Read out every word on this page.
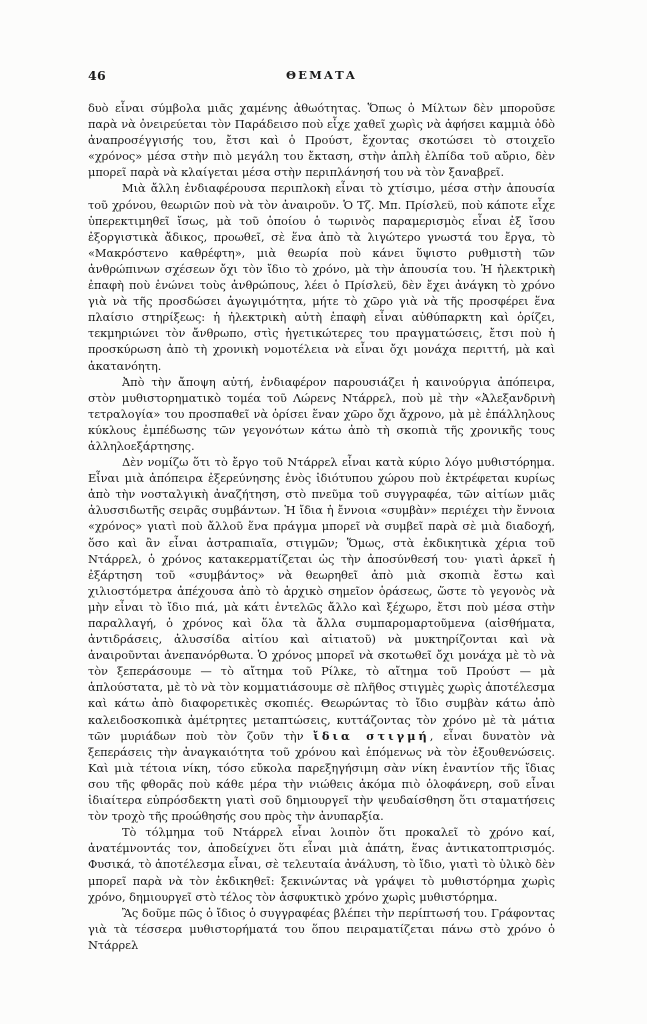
46	ΘΕΜΑΤΑ

δυὸ εἶναι σύμβολα μιᾶς χαμένης ἀθωότητας. Ὅπως ὁ Μίλτων δὲν μποροῦσε παρὰ νὰ ὀνειρεύεται τὸν Παράδεισο ποὺ εἶχε χαθεῖ χωρὶς νὰ ἀφήσει καμμιὰ ὁδὸ ἀναπροσέγγισής του, ἔτσι καὶ ὁ Προύστ, ἔχοντας σκοτώσει τὸ στοιχεῖο «χρόνος» μέσα στὴν πιὸ μεγάλη του ἔκταση, στὴν ἁπλὴ ἐλπίδα τοῦ αὔριο, δὲν μπορεῖ παρὰ νὰ κλαίγεται μέσα στὴν περιπλάνησή του νὰ τὸν ξαναβρεῖ.

Μιὰ ἄλλη ἐνδιαφέρουσα περιπλοκὴ εἶναι τὸ χτίσιμο, μέσα στὴν ἀπουσία τοῦ χρόνου, θεωριῶν ποὺ νὰ τὸν ἀναιροῦν. Ὁ Τζ. Μπ. Πρίσλεϋ, ποὺ κάποτε εἶχε ὑπερεκτιμηθεῖ ἴσως, μὰ τοῦ ὁποίου ὁ τωρινὸς παραμερισμὸς εἶναι ἐξ ἴσου ἐξοργιστικὰ ἄδικος, προωθεῖ, σὲ ἕνα ἀπὸ τὰ λιγώτερο γνωστά του ἔργα, τὸ «Μακρόστενο καθρέφτη», μιὰ θεωρία ποὺ κάνει ὕψιστο ρυθμιστὴ τῶν ἀνθρώπινων σχέσεων ὄχι τὸν ἴδιο τὸ χρόνο, μὰ τὴν ἀπουσία του. Ἡ ἠλεκτρικὴ ἐπαφὴ ποὺ ἑνώνει τοὺς ἀνθρώπους, λέει ὁ Πρίσλεϋ, δὲν ἔχει ἀνάγκη τὸ χρόνο γιὰ νὰ τῆς προσδώσει ἀγωγιμότητα, μήτε τὸ χῶρο γιὰ νὰ τῆς προσφέρει ἕνα πλαίσιο στηρίξεως: ἡ ἠλεκτρικὴ αὐτὴ ἐπαφὴ εἶναι αὐθύπαρκτη καὶ ὁρίζει, τεκμηριώνει τὸν ἄνθρωπο, στὶς ἡγετικώτερες του πραγματώσεις, ἔτσι ποὺ ἡ προσκύρωση ἀπὸ τὴ χρονικὴ νομοτέλεια νὰ εἶναι ὄχι μονάχα περιττή, μὰ καὶ ἀκατανόητη.

Ἀπὸ τὴν ἄποψη αὐτή, ἐνδιαφέρον παρουσιάζει ἡ καινούργια ἀπόπειρα, στὸν μυθιστορηματικὸ τομέα τοῦ Λώρενς Ντάρρελ, ποὺ μὲ τὴν «Ἀλεξανδρινὴ τετραλογία» του προσπαθεῖ νὰ ὁρίσει ἕναν χῶρο ὄχι ἄχρονο, μὰ μὲ ἐπάλληλους κύκλους ἐμπέδωσης τῶν γεγονότων κάτω ἀπὸ τὴ σκοπιὰ τῆς χρονικῆς τους ἀλληλοεξάρτησης.

Δὲν νομίζω ὅτι τὸ ἔργο τοῦ Ντάρρελ εἶναι κατὰ κύριο λόγο μυθιστόρημα. Εἶναι μιὰ ἀπόπειρα ἐξερεύνησης ἑνὸς ἰδιότυπου χώρου ποὺ ἐκτρέφεται κυρίως ἀπὸ τὴν νοσταλγικὴ ἀναζήτηση, στὸ πνεῦμα τοῦ συγγραφέα, τῶν αἰτίων μιᾶς ἀλυσσιδωτῆς σειρᾶς συμβάντων. Ἡ ἴδια ἡ ἔννοια «συμβὰν» περιέχει τὴν ἔννοια «χρόνος» γιατὶ ποὺ ἄλλοῦ ἕνα πράγμα μπορεῖ νὰ συμβεῖ παρὰ σὲ μιὰ διαδοχή, ὅσο καὶ ἂν εἶναι ἀστραπιαῖα, στιγμῶν; Ὅμως, στὰ ἐκδικητικὰ χέρια τοῦ Ντάρρελ, ὁ χρόνος κατακερματίζεται ὡς τὴν ἀποσύνθεσή του· γιατὶ ἀρκεῖ ἡ ἐξάρτηση τοῦ «συμβάντος» νὰ θεωρηθεῖ ἀπὸ μιὰ σκοπιὰ ἔστω καὶ χιλιοστόμετρα ἀπέχουσα ἀπὸ τὸ ἀρχικὸ σημεῖον ὁράσεως, ὥστε τὸ γεγονὸς νὰ μὴν εἶναι τὸ ἴδιο πιά, μὰ κάτι ἐντελῶς ἄλλο καὶ ξέχωρο, ἔτσι ποὺ μέσα στὴν παραλλαγή, ὁ χρόνος καὶ ὅλα τὰ ἄλλα συμπαρομαρτοῦμενα (αἰσθήματα, ἀντιδράσεις, ἀλυσσίδα αἰτίου καὶ αἰτιατοῦ) νὰ μυκτηρίζονται καὶ νὰ ἀναιροῦνται ἀνεπανόρθωτα. Ὁ χρόνος μπορεῖ νὰ σκοτωθεῖ ὄχι μονάχα μὲ τὸ νὰ τὸν ξεπεράσουμε — τὸ αἴτημα τοῦ Ρίλκε, τὸ αἴτημα τοῦ Προύστ — μὰ ἁπλούστατα, μὲ τὸ νὰ τὸν κομματιάσουμε σὲ πλῆθος στιγμὲς χωρὶς ἀποτέλεσμα καὶ κάτω ἀπὸ διαφορετικὲς σκοπιές. Θεωρώντας τὸ ἴδιο συμβὰν κάτω ἀπὸ καλειδοσκοπικὰ ἀμέτρητες μεταπτώσεις, κυττάζοντας τὸν χρόνο μὲ τὰ μάτια τῶν μυριάδων ποὺ τὸν ζοῦν τὴν ἴδια στιγμή, εἶναι δυνατὸν νὰ ξεπεράσεις τὴν ἀναγκαιότητα τοῦ χρόνου καὶ ἑπόμενως νὰ τὸν ἐξουθενώσεις. Καὶ μιὰ τέτοια νίκη, τόσο εὔκολα παρεξηγήσιμη σὰν νίκη ἐναντίον τῆς ἴδιας σου τῆς φθορᾶς ποὺ κάθε μέρα τὴν νιώθεις ἀκόμα πιὸ ὁλοφάνερη, σοῦ εἶναι ἰδιαίτερα εὐπρόσδεκτη γιατὶ σοῦ δημιουργεῖ τὴν ψευδαίσθηση ὅτι σταματήσεις τὸν τροχὸ τῆς προώθησής σου πρὸς τὴν ἀνυπαρξία.

Τὸ τόλμημα τοῦ Ντάρρελ εἶναι λοιπὸν ὅτι προκαλεῖ τὸ χρόνο καί, ἀνατέμνοντάς τον, ἀποδείχνει ὅτι εἶναι μιὰ ἀπάτη, ἕνας ἀντικατοπτρισμός. Φυσικά, τὸ ἀποτέλεσμα εἶναι, σὲ τελευταία ἀνάλυση, τὸ ἴδιο, γιατὶ τὸ ὑλικὸ δὲν μπορεῖ παρὰ νὰ τὸν ἐκδικηθεῖ: ξεκινώντας νὰ γράψει τὸ μυθιστόρημα χωρὶς χρόνο, δημιουργεῖ στὸ τέλος τὸν ἀσφυκτικὸ χρόνο χωρὶς μυθιστόρημα.

Ἂς δοῦμε πῶς ὁ ἴδιος ὁ συγγραφέας βλέπει τὴν περίπτωσή του. Γράφοντας γιὰ τὰ τέσσερα μυθιστορήματά του ὅπου πειραματίζεται πάνω στὸ χρόνο ὁ Ντάρρελ
